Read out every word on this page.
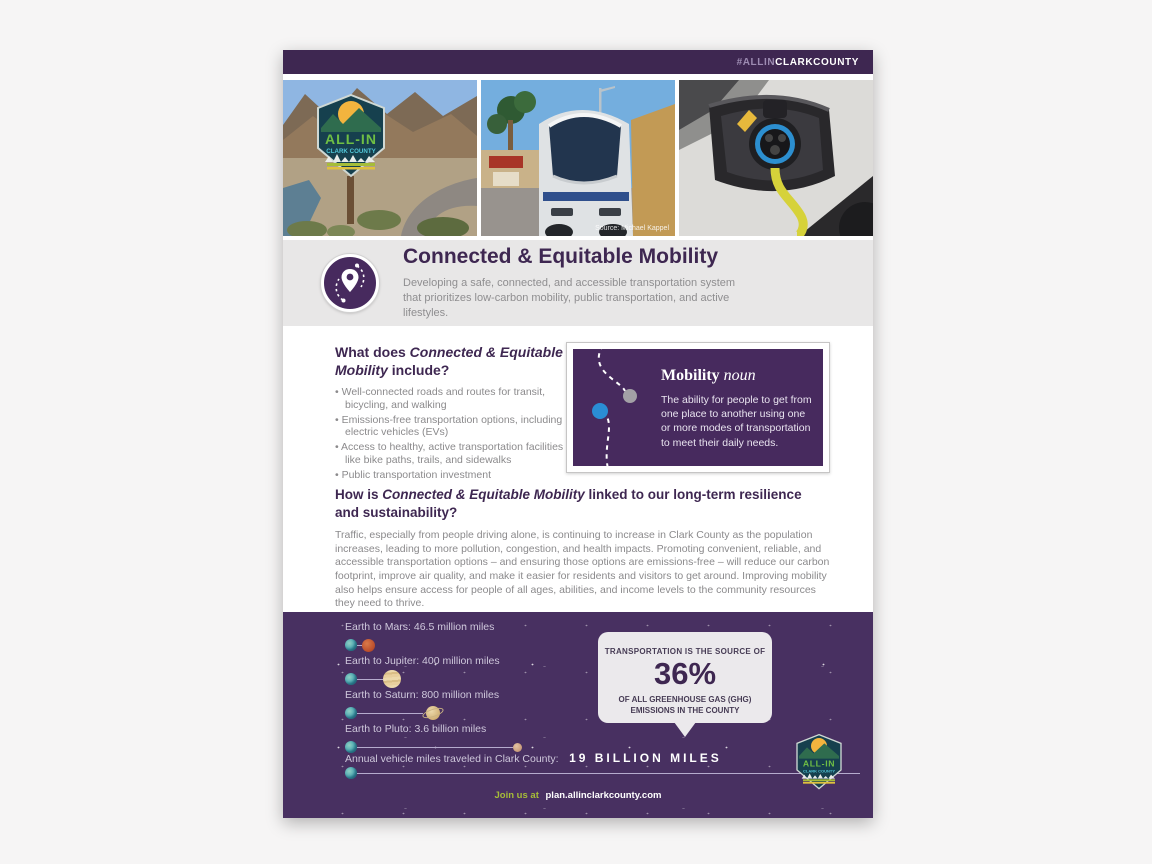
#ALLIN CLARKCOUNTY
ALL-IN
CLARK COUNTY
Source: Michael Kappel
Connected & Equitable Mobility
Developing a safe, connected, and accessible transportation system that prioritizes low-carbon mobility, public transportation, and active lifestyles.
What does Connected & Equitable Mobility include?
• Well-connected roads and routes for transit, bicycling, and walking
• Emissions-free transportation options, including electric vehicles (EVs)
• Access to healthy, active transportation facilities like bike paths, trails, and sidewalks
• Public transportation investment
Mobility noun
The ability for people to get from one place to another using one or more modes of transportation to meet their daily needs.
How is Connected & Equitable Mobility linked to our long-term resilience and sustainability?
Traffic, especially from people driving alone, is continuing to increase in Clark County as the population increases, leading to more pollution, congestion, and health impacts. Promoting convenient, reliable, and accessible transportation options – and ensuring those options are emissions-free – will reduce our carbon footprint, improve air quality, and make it easier for residents and visitors to get around. Improving mobility also helps ensure access for people of all ages, abilities, and income levels to the community resources they need to thrive.
Earth to Mars: 46.5 million miles
Earth to Jupiter: 400 million miles
Earth to Saturn: 800 million miles
Earth to Pluto: 3.6 billion miles
Annual vehicle miles traveled in Clark County: 19 BILLION MILES
TRANSPORTATION IS THE SOURCE OF
36%
OF ALL GREENHOUSE GAS (GHG) EMISSIONS IN THE COUNTY
ALL-IN
CLARK COUNTY
Join us at plan.allinclarkcounty.com
